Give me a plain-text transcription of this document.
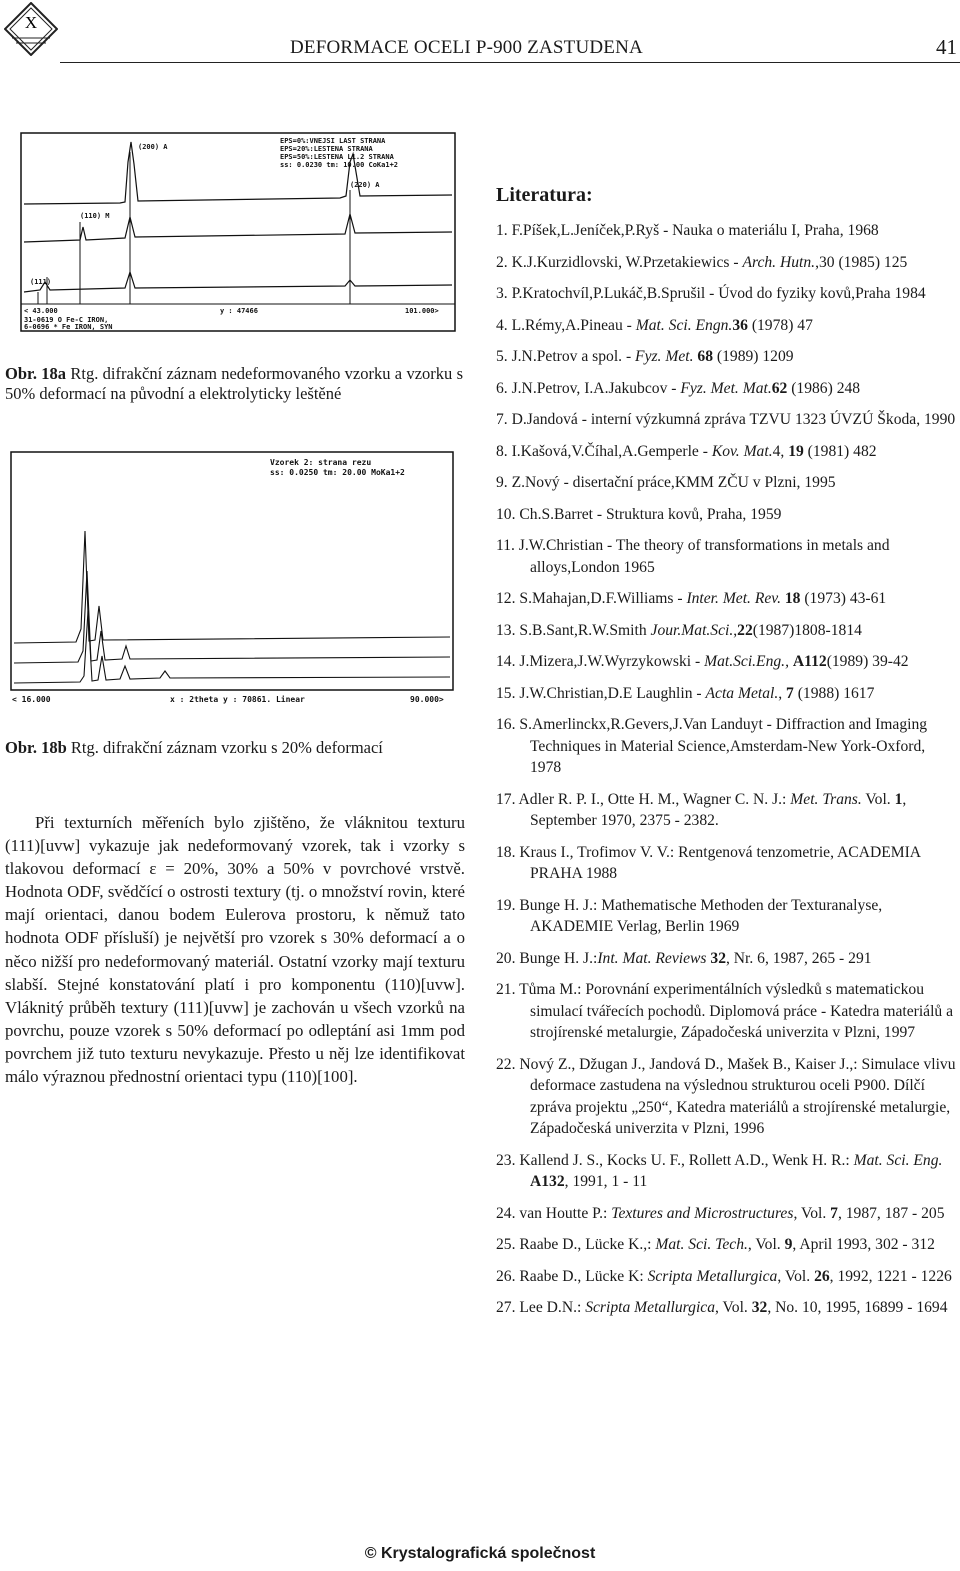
X
DEFORMACE OCELI P-900 ZASTUDENA	41
EPS=0%:VNEJSI LAST STRANA
EPS=20%:LESTENA STRANA
EPS=50%:LESTENA L1.2 STRANA
ss: 0.0230 tm: 10.00 CoKa1+2
(200) A
(220) A
(110) M
(111)
< 43.000	y : 47466	101.000>
31-0619 O Fe-C IRON,
6-0696 * Fe IRON, SYN
Obr. 18a Rtg. difrakční záznam nedeformovaného vzorku a vzorku s 50% deformací na původní a elektrolyticky leštěné
Vzorek 2: strana rezu
ss: 0.0250 tm: 20.00 MoKa1+2
< 16.000	x : 2theta y : 70861. Linear	90.000>
Obr. 18b Rtg. difrakční záznam vzorku s 20% deformací

Při texturních měřeních bylo zjištěno, že vláknitou texturu (111)[uvw] vykazuje jak nedeformovaný vzorek, tak i vzorky s tlakovou deformací ε = 20%, 30% a 50% v povrchové vrstvě. Hodnota ODF, svědčící o ostrosti textury (tj. o množství rovin, které mají orientaci, danou bodem Eulerova prostoru, k němuž tato hodnota ODF přísluší) je největší pro vzorek s 30% deformací a o něco nižší pro nedeformovaný materiál. Ostatní vzorky mají texturu slabší. Stejné konstatování platí i pro komponentu (110)[uvw]. Vláknitý průběh textury (111)[uvw] je zachován u všech vzorků na povrchu, pouze vzorek s 50% deformací po odleptání asi 1mm pod povrchem již tuto texturu nevykazuje. Přesto u něj lze identifikovat málo výraznou přednostní orientaci typu (110)[100].

Literatura:
1. F.Píšek,L.Jeníček,P.Ryš - Nauka o materiálu I, Praha, 1968
2. K.J.Kurzidlovski, W.Przetakiewics - Arch. Hutn.,30 (1985) 125
3. P.Kratochvíl,P.Lukáč,B.Sprušil - Úvod do fyziky kovů,Praha 1984
4. L.Rémy,A.Pineau - Mat. Sci. Engn.36 (1978) 47
5. J.N.Petrov a spol. - Fyz. Met. 68 (1989) 1209
6. J.N.Petrov, I.A.Jakubcov - Fyz. Met. Mat.62 (1986) 248
7. D.Jandová - interní výzkumná zpráva TZVU 1323 ÚVZÚ Škoda, 1990
8. I.Kašová,V.Číhal,A.Gemperle - Kov. Mat.4, 19 (1981) 482
9. Z.Nový - disertační práce,KMM ZČU v Plzni, 1995
10. Ch.S.Barret - Struktura kovů, Praha, 1959
11. J.W.Christian - The theory of transformations in metals and alloys,London 1965
12. S.Mahajan,D.F.Williams - Inter. Met. Rev. 18 (1973) 43-61
13. S.B.Sant,R.W.Smith Jour.Mat.Sci.,22(1987)1808-1814
14. J.Mizera,J.W.Wyrzykowski - Mat.Sci.Eng., A112(1989) 39-42
15. J.W.Christian,D.E Laughlin - Acta Metal., 7 (1988) 1617
16. S.Amerlinckx,R.Gevers,J.Van Landuyt - Diffraction and Imaging Techniques in Material Science,Amsterdam-New York-Oxford, 1978
17. Adler R. P. I., Otte H. M., Wagner C. N. J.: Met. Trans. Vol. 1, September 1970, 2375 - 2382.
18. Kraus I., Trofimov V. V.: Rentgenová tenzometrie, ACADEMIA PRAHA 1988
19. Bunge H. J.: Mathematische Methoden der Texturanalyse, AKADEMIE Verlag, Berlin 1969
20. Bunge H. J.:Int. Mat. Reviews 32, Nr. 6, 1987, 265 - 291
21. Tůma M.: Porovnání experimentálních výsledků s matematickou simulací tvářecích pochodů. Diplomová práce - Katedra materiálů a strojírenské metalurgie, Západočeská univerzita v Plzni, 1997
22. Nový Z., Džugan J., Jandová D., Mašek B., Kaiser J.,: Simulace vlivu deformace zastudena na výslednou strukturou oceli P900. Dílčí zpráva projektu „250“, Katedra materiálů a strojírenské metalurgie, Západočeská univerzita v Plzni, 1996
23. Kallend J. S., Kocks U. F., Rollett A.D., Wenk H. R.: Mat. Sci. Eng. A132, 1991, 1 - 11
24. van Houtte P.: Textures and Microstructures, Vol. 7, 1987, 187 - 205
25. Raabe D., Lücke K.,: Mat. Sci. Tech., Vol. 9, April 1993, 302 - 312
26. Raabe D., Lücke K: Scripta Metallurgica, Vol. 26, 1992, 1221 - 1226
27. Lee D.N.: Scripta Metallurgica, Vol. 32, No. 10, 1995, 16899 - 1694
© Krystalografická společnost
